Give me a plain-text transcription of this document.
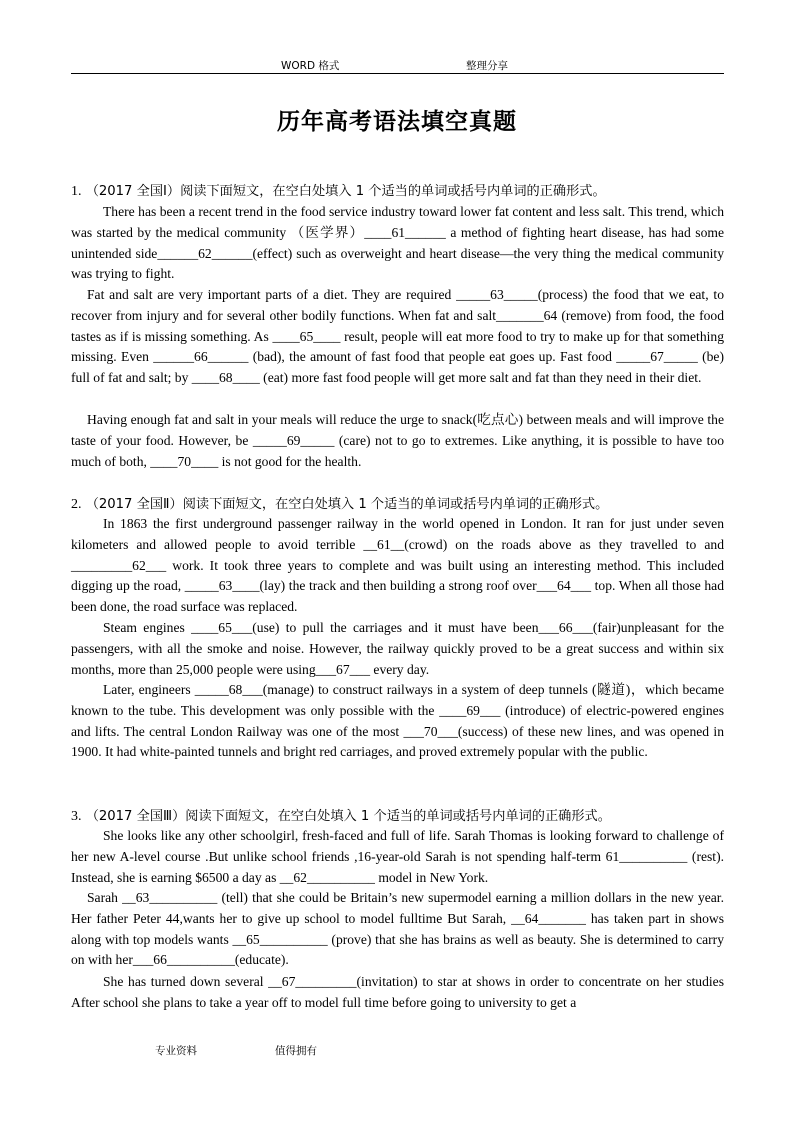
WORD 格式	整理分享
历年高考语法填空真题
1. （2017 全国Ⅰ）阅读下面短文，在空白处填入 1 个适当的单词或括号内单词的正确形式。

There has been a recent trend in the food service industry toward lower fat content and less salt. This trend, which was started by the medical community （医学界）____61______ a method of fighting heart disease, has had some unintended side______62______(effect) such as overweight and heart disease—the very thing the medical community was trying to fight.

Fat and salt are very important parts of a diet. They are required _____63_____(process) the food that we eat, to recover from injury and for several other bodily functions. When fat and salt_______64 (remove) from food, the food tastes as if is missing something. As ____65____ result, people will eat more food to try to make up for that something missing. Even ______66______ (bad), the amount of fast food that people eat goes up. Fast food _____67_____ (be) full of fat and salt; by ____68____ (eat) more fast food people will get more salt and fat than they need in their diet.

Having enough fat and salt in your meals will reduce the urge to snack(吃点心) between meals and will improve the taste of your food. However, be _____69_____ (care) not to go to extremes. Like anything, it is possible to have too much of both, ____70____ is not good for the health.

2. （2017 全国Ⅱ）阅读下面短文，在空白处填入 1 个适当的单词或括号内单词的正确形式。

In 1863 the first underground passenger railway in the world opened in London. It ran for just under seven kilometers and allowed people to avoid terrible __61__(crowd) on the roads above as they travelled to and _________62___ work. It took three years to complete and was built using an interesting method. This included digging up the road, _____63____(lay) the track and then building a strong roof over___64___ top. When all those had been done, the road surface was replaced.

Steam engines ____65___(use) to pull the carriages and it must have been___66___(fair)unpleasant for the passengers, with all the smoke and noise. However, the railway quickly proved to be a great success and within six months, more than 25,000 people were using___67___ every day.

Later, engineers _____68___(manage) to construct railways in a system of deep tunnels (隧道)，which became known to the tube. This development was only possible with the ____69___ (introduce) of electric-powered engines and lifts. The central London Railway was one of the most ___70___(success) of these new lines, and was opened in 1900. It had white-painted tunnels and bright red carriages, and proved extremely popular with the public.

3. （2017 全国Ⅲ）阅读下面短文，在空白处填入 1 个适当的单词或括号内单词的正确形式。

She looks like any other schoolgirl, fresh-faced and full of life. Sarah Thomas is looking forward to challenge of her new A-level course .But unlike school friends ,16-year-old Sarah is not spending half-term 61__________ (rest). Instead, she is earning $6500 a day as __62__________ model in New York.

Sarah __63__________ (tell) that she could be Britain’s new supermodel earning a million dollars in the new year. Her father Peter 44,wants her to give up school to model fulltime But Sarah, __64_______ has taken part in shows along with top models wants __65__________ (prove) that she has brains as well as beauty. She is determined to carry on with her___66__________(educate).

She has turned down several __67_________(invitation) to star at shows in order to concentrate on her studies After school she plans to take a year off to model full time before going to university to get a

专业资料	值得拥有
